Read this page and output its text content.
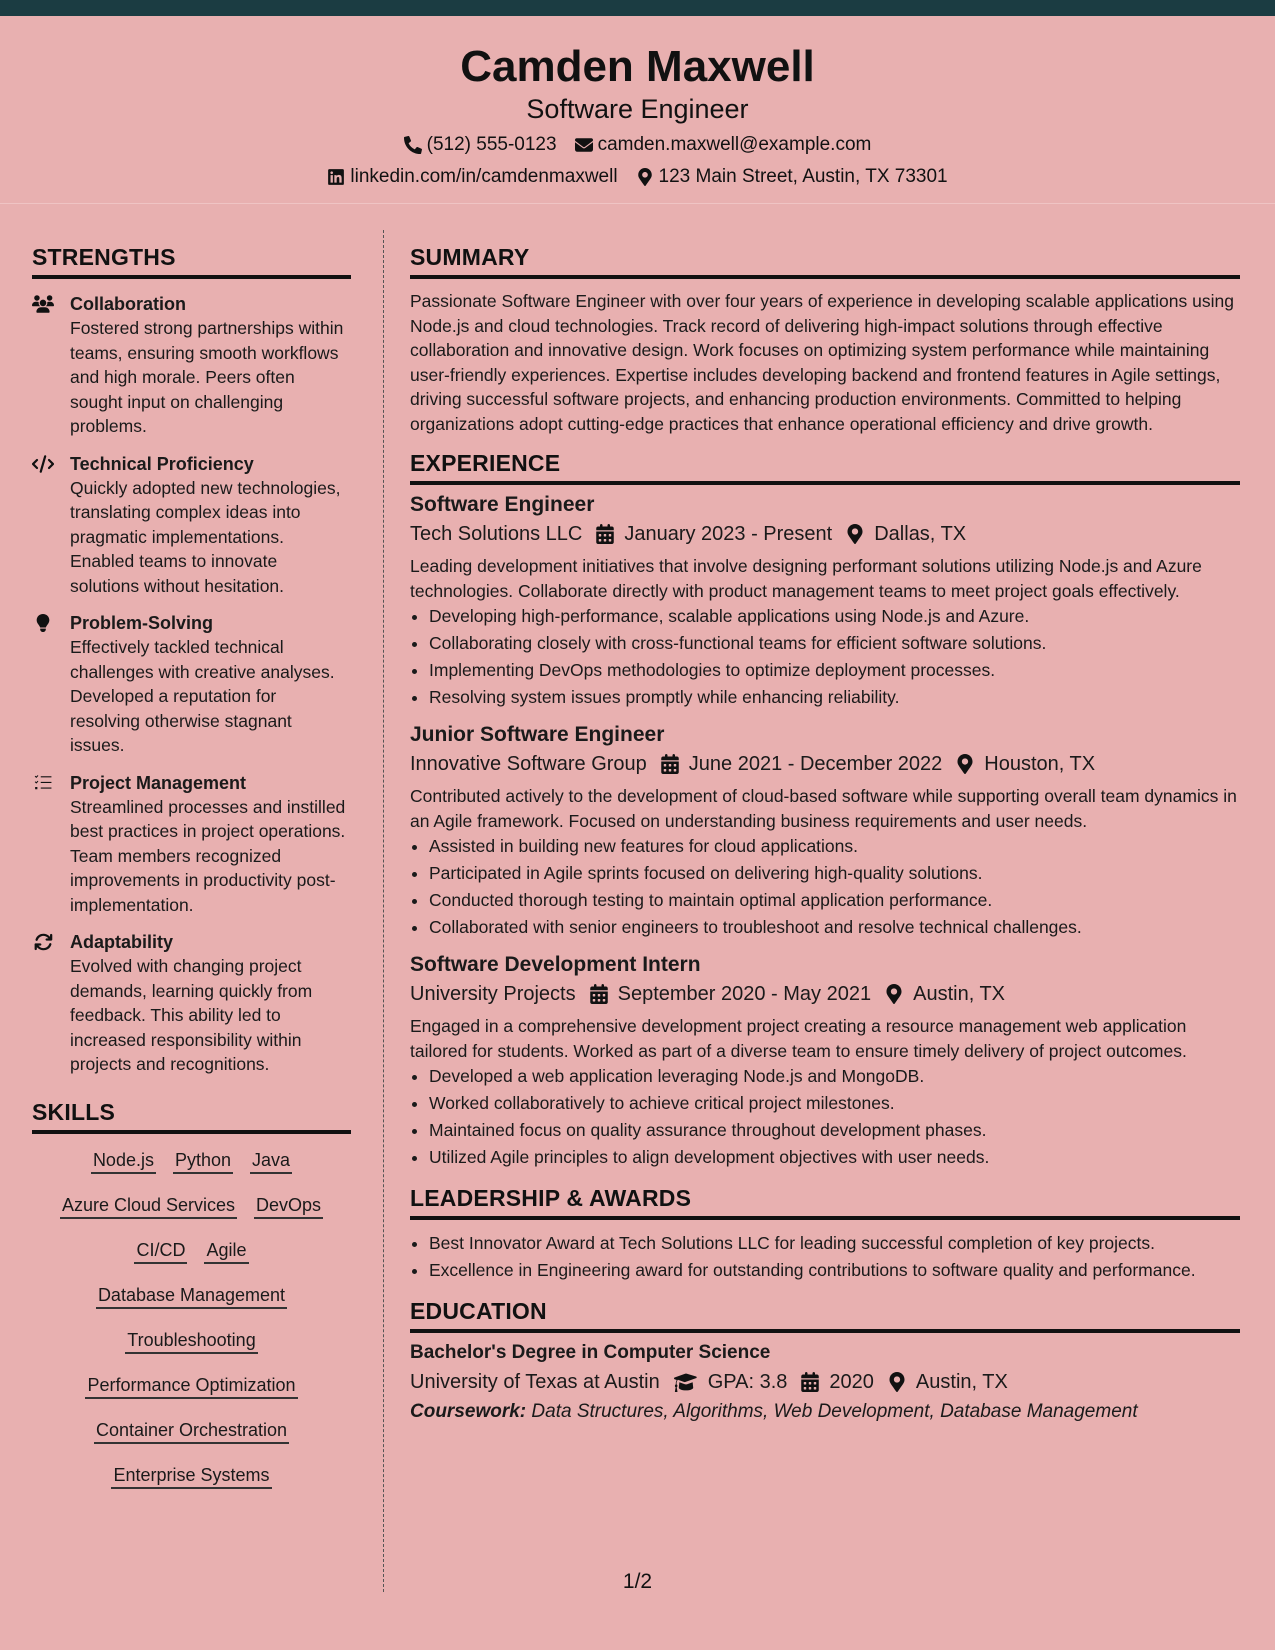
Camden Maxwell
Software Engineer
(512) 555-0123 camden.maxwell@example.com
linkedin.com/in/camdenmaxwell 123 Main Street, Austin, TX 73301
STRENGTHS
Collaboration
Fostered strong partnerships within teams, ensuring smooth workflows and high morale. Peers often sought input on challenging problems.
Technical Proficiency
Quickly adopted new technologies, translating complex ideas into pragmatic implementations. Enabled teams to innovate solutions without hesitation.
Problem-Solving
Effectively tackled technical challenges with creative analyses. Developed a reputation for resolving otherwise stagnant issues.
Project Management
Streamlined processes and instilled best practices in project operations. Team members recognized improvements in productivity post-implementation.
Adaptability
Evolved with changing project demands, learning quickly from feedback. This ability led to increased responsibility within projects and recognitions.
SKILLS
Node.js Python Java
Azure Cloud Services DevOps
CI/CD Agile
Database Management
Troubleshooting
Performance Optimization
Container Orchestration
Enterprise Systems
SUMMARY

Passionate Software Engineer with over four years of experience in developing scalable applications using Node.js and cloud technologies. Track record of delivering high-impact solutions through effective collaboration and innovative design. Work focuses on optimizing system performance while maintaining user-friendly experiences. Expertise includes developing backend and frontend features in Agile settings, driving successful software projects, and enhancing production environments. Committed to helping organizations adopt cutting-edge practices that enhance operational efficiency and drive growth.

EXPERIENCE
Software Engineer
Tech Solutions LLC January 2023 - Present Dallas, TX

Leading development initiatives that involve designing performant solutions utilizing Node.js and Azure technologies. Collaborate directly with product management teams to meet project goals effectively.

• Developing high-performance, scalable applications using Node.js and Azure.
• Collaborating closely with cross-functional teams for efficient software solutions.
• Implementing DevOps methodologies to optimize deployment processes.
• Resolving system issues promptly while enhancing reliability.
Junior Software Engineer
Innovative Software Group June 2021 - December 2022 Houston, TX

Contributed actively to the development of cloud-based software while supporting overall team dynamics in an Agile framework. Focused on understanding business requirements and user needs.

• Assisted in building new features for cloud applications.
• Participated in Agile sprints focused on delivering high-quality solutions.
• Conducted thorough testing to maintain optimal application performance.
• Collaborated with senior engineers to troubleshoot and resolve technical challenges.
Software Development Intern
University Projects September 2020 - May 2021 Austin, TX

Engaged in a comprehensive development project creating a resource management web application tailored for students. Worked as part of a diverse team to ensure timely delivery of project outcomes.

• Developed a web application leveraging Node.js and MongoDB.
• Worked collaboratively to achieve critical project milestones.
• Maintained focus on quality assurance throughout development phases.
• Utilized Agile principles to align development objectives with user needs.
LEADERSHIP & AWARDS
• Best Innovator Award at Tech Solutions LLC for leading successful completion of key projects.
• Excellence in Engineering award for outstanding contributions to software quality and performance.
EDUCATION
Bachelor's Degree in Computer Science
University of Texas at Austin GPA: 3.8 2020 Austin, TX
Coursework: Data Structures, Algorithms, Web Development, Database Management
1/2
